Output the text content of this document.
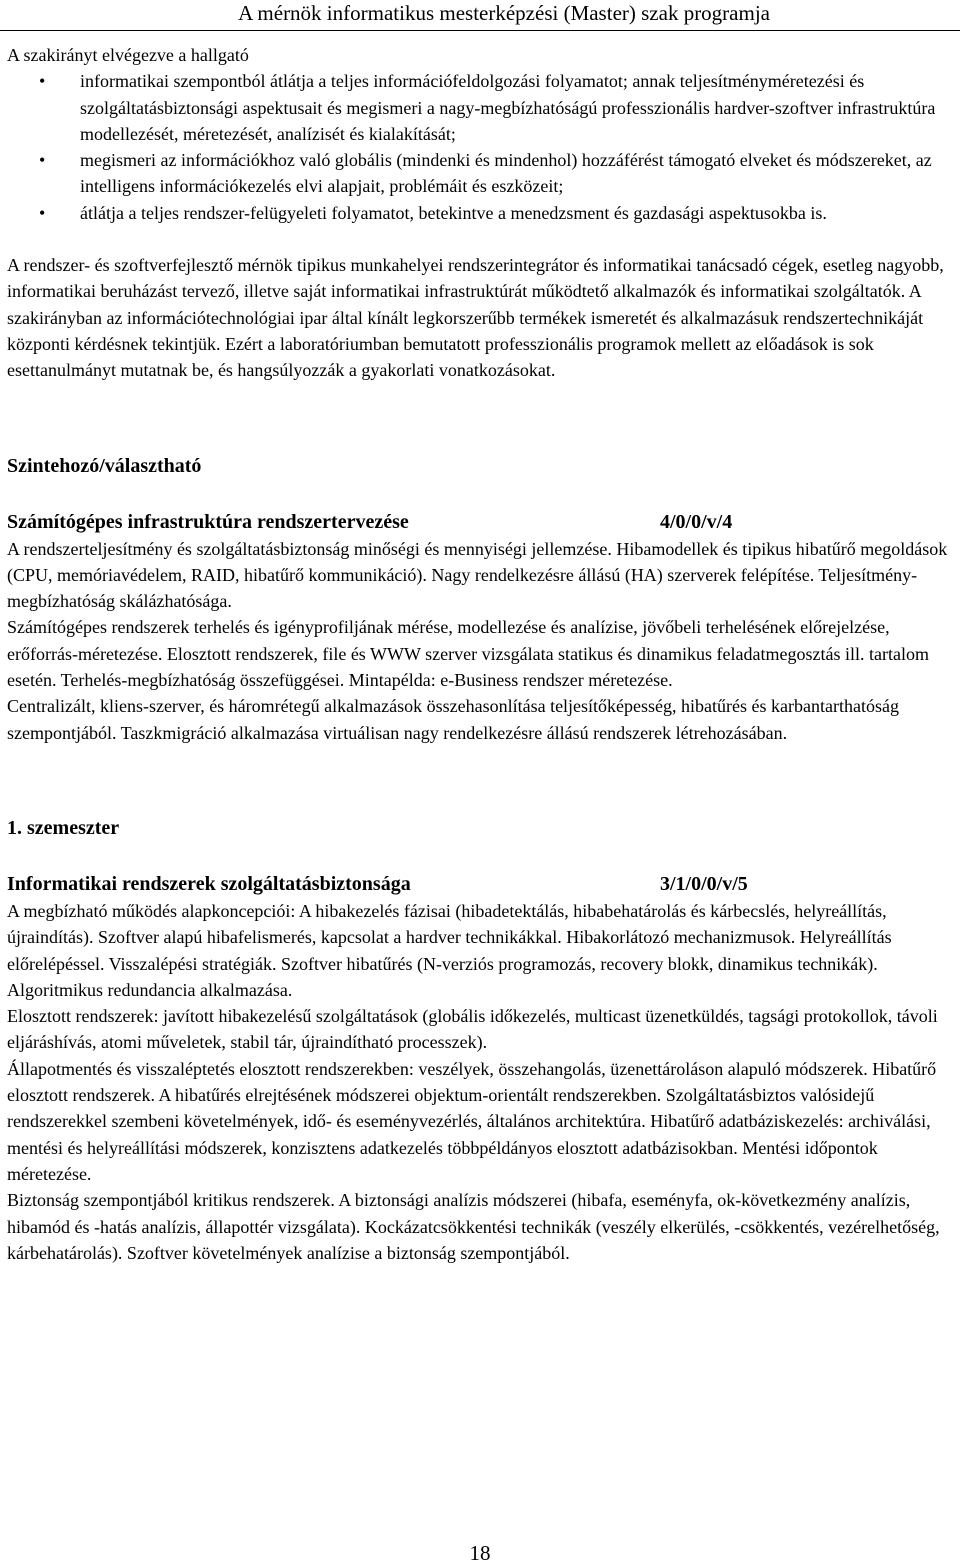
A mérnök informatikus mesterképzési (Master) szak programja

A szakirányt elvégezve a hallgató

• informatikai szempontból átlátja a teljes információfeldolgozási folyamatot; annak teljesítményméretezési és szolgáltatásbiztonsági aspektusait és megismeri a nagy-megbízhatóságú professzionális hardver-szoftver infrastruktúra modellezését, méretezését, analízisét és kialakítását;
• megismeri az információkhoz való globális (mindenki és mindenhol) hozzáférést támogató elveket és módszereket, az intelligens információkezelés elvi alapjait, problémáit és eszközeit;
• átlátja a teljes rendszer-felügyeleti folyamatot, betekintve a menedzsment és gazdasági aspektusokba is.

A rendszer- és szoftverfejlesztő mérnök tipikus munkahelyei rendszerintegrátor és informatikai tanácsadó cégek, esetleg nagyobb, informatikai beruházást tervező, illetve saját informatikai infrastruktúrát működtető alkalmazók és informatikai szolgáltatók. A szakirányban az információtechnológiai ipar által kínált legkorszerűbb termékek ismeretét és alkalmazásuk rendszertechnikáját központi kérdésnek tekintjük. Ezért a laboratóriumban bemutatott professzionális programok mellett az előadások is sok esettanulmányt mutatnak be, és hangsúlyozzák a gyakorlati vonatkozásokat.

Szintehozó/választható
Számítógépes infrastruktúra rendszertervezése	4/0/0/v/4

A rendszerteljesítmény és szolgáltatásbiztonság minőségi és mennyiségi jellemzése. Hibamodellek és tipikus hibatűrő megoldások (CPU, memóriavédelem, RAID, hibatűrő kommunikáció). Nagy rendelkezésre állású (HA) szerverek felépítése. Teljesítmény-megbízhatóság skálázhatósága.

Számítógépes rendszerek terhelés és igényprofiljának mérése, modellezése és analízise, jövőbeli terhelésének előrejelzése, erőforrás-méretezése. Elosztott rendszerek, file és WWW szerver vizsgálata statikus és dinamikus feladatmegosztás ill. tartalom esetén. Terhelés-megbízhatóság összefüggései. Mintapélda: e-Business rendszer méretezése.

Centralizált, kliens-szerver, és háromrétegű alkalmazások összehasonlítása teljesítőképesség, hibatűrés és karbantarthatóság szempontjából. Taszkmigráció alkalmazása virtuálisan nagy rendelkezésre állású rendszerek létrehozásában.

1. szemeszter
Informatikai rendszerek szolgáltatásbiztonsága	3/1/0/0/v/5

A megbízható működés alapkoncepciói: A hibakezelés fázisai (hibadetektálás, hibabehatárolás és kárbecslés, helyreállítás, újraindítás). Szoftver alapú hibafelismerés, kapcsolat a hardver technikákkal. Hibakorlátozó mechanizmusok. Helyreállítás előrelépéssel. Visszalépési stratégiák. Szoftver hibatűrés (N-verziós programozás, recovery blokk, dinamikus technikák). Algoritmikus redundancia alkalmazása.

Elosztott rendszerek: javított hibakezelésű szolgáltatások (globális időkezelés, multicast üzenetküldés, tagsági protokollok, távoli eljáráshívás, atomi műveletek, stabil tár, újraindítható processzek).

Állapotmentés és visszaléptetés elosztott rendszerekben: veszélyek, összehangolás, üzenettároláson alapuló módszerek. Hibatűrő elosztott rendszerek. A hibatűrés elrejtésének módszerei objektum-orientált rendszerekben. Szolgáltatásbiztos valósidejű rendszerekkel szembeni követelmények, idő- és eseményvezérlés, általános architektúra. Hibatűrő adatbáziskezelés: archiválási, mentési és helyreállítási módszerek, konzisztens adatkezelés többpéldányos elosztott adatbázisokban. Mentési időpontok méretezése.

Biztonság szempontjából kritikus rendszerek. A biztonsági analízis módszerei (hibafa, eseményfa, ok-következmény analízis, hibamód és -hatás analízis, állapottér vizsgálata). Kockázatcsökkentési technikák (veszély elkerülés, -csökkentés, vezérelhetőség, kárbehatárolás). Szoftver követelmények analízise a biztonság szempontjából.

18
